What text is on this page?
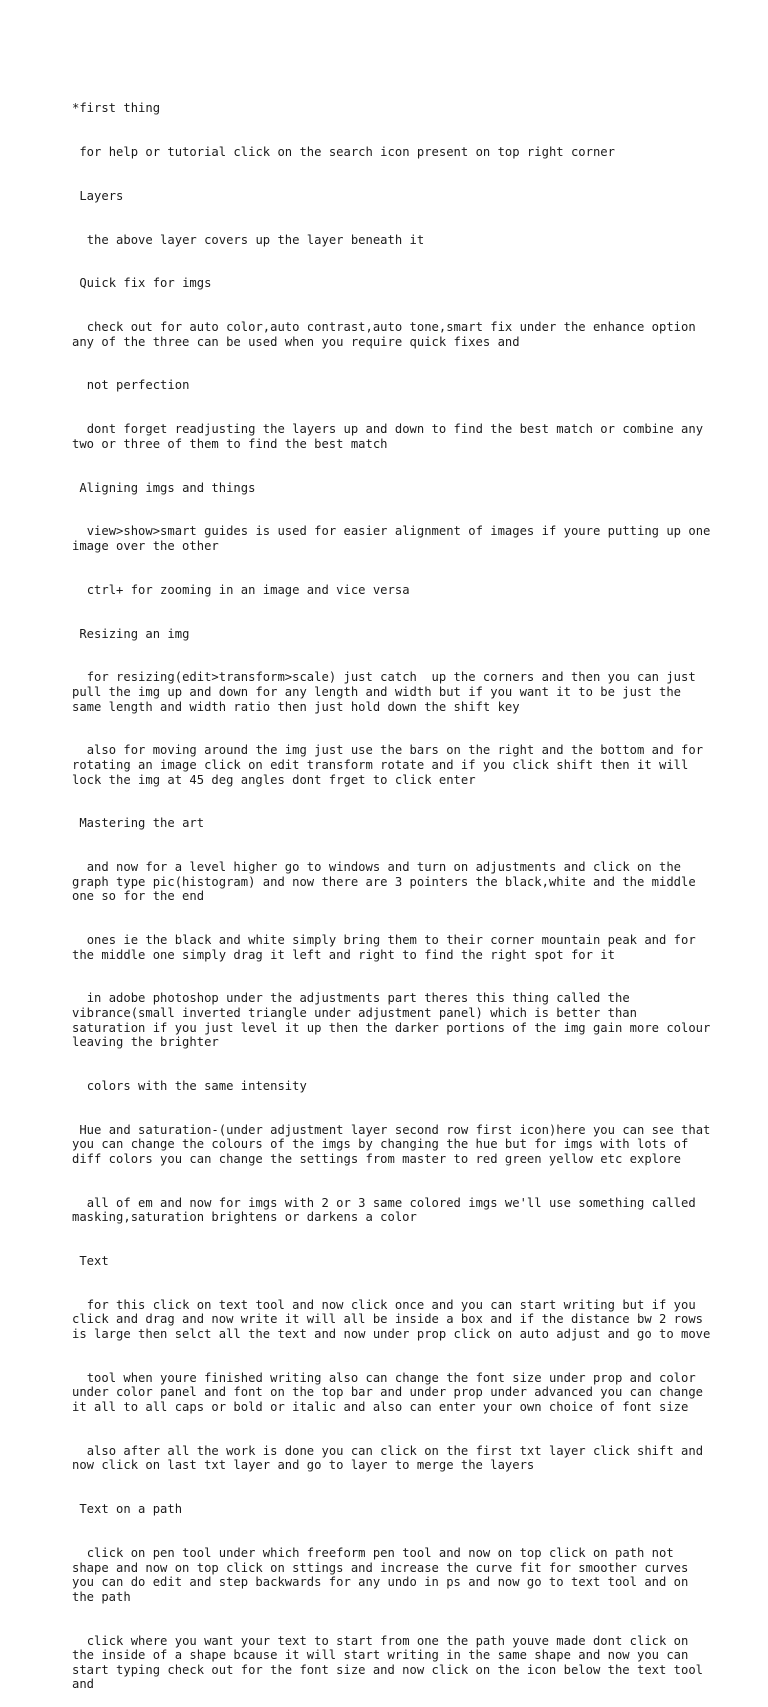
*first thing

for help or tutorial click on the search icon present on top right corner

Layers

the above layer covers up the layer beneath it

Quick fix for imgs

check out for auto color,auto contrast,auto tone,smart fix under the enhance option any of the three can be used when you require quick fixes and

not perfection

dont forget readjusting the layers up and down to find the best match or combine any two or three of them to find the best match

Aligning imgs and things

view>show>smart guides is used for easier alignment of images if youre putting up one image over the other

ctrl+ for zooming in an image and vice versa

Resizing an img

for resizing(edit>transform>scale) just catch  up the corners and then you can just pull the img up and down for any length and width but if you want it to be just the same length and width ratio then just hold down the shift key

also for moving around the img just use the bars on the right and the bottom and for rotating an image click on edit transform rotate and if you click shift then it will lock the img at 45 deg angles dont frget to click enter

Mastering the art

and now for a level higher go to windows and turn on adjustments and click on the graph type pic(histogram) and now there are 3 pointers the black,white and the middle one so for the end

ones ie the black and white simply bring them to their corner mountain peak and for the middle one simply drag it left and right to find the right spot for it

in adobe photoshop under the adjustments part theres this thing called the vibrance(small inverted triangle under adjustment panel) which is better than saturation if you just level it up then the darker portions of the img gain more colour leaving the brighter

colors with the same intensity

Hue and saturation-(under adjustment layer second row first icon)here you can see that you can change the colours of the imgs by changing the hue but for imgs with lots of diff colors you can change the settings from master to red green yellow etc explore

all of em and now for imgs with 2 or 3 same colored imgs we'll use something called masking,saturation brightens or darkens a color

Text

for this click on text tool and now click once and you can start writing but if you click and drag and now write it will all be inside a box and if the distance bw 2 rows is large then selct all the text and now under prop click on auto adjust and go to move

tool when youre finished writing also can change the font size under prop and color under color panel and font on the top bar and under prop under advanced you can change it all to all caps or bold or italic and also can enter your own choice of font size

also after all the work is done you can click on the first txt layer click shift and now click on last txt layer and go to layer to merge the layers

Text on a path

click on pen tool under which freeform pen tool and now on top click on path not shape and now on top click on sttings and increase the curve fit for smoother curves you can do edit and step backwards for any undo in ps and now go to text tool and on the path

click where you want your text to start from one the path youve made dont click on the inside of a shape bcause it will start writing in the same shape and now you can start typing check out for the font size and now click on the icon below the text tool and
